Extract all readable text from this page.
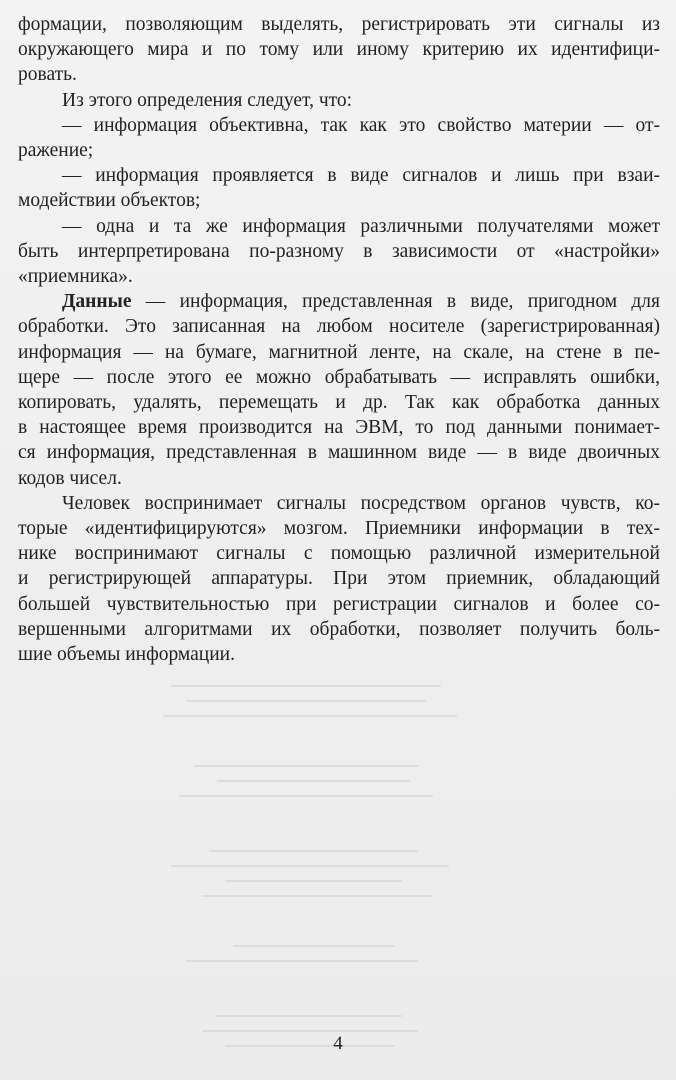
формации, позволяющим выделять, регистрировать эти сигналы из
окружающего мира и по тому или иному критерию их идентифици-
ровать.

Из этого определения следует, что:

— информация объективна, так как это свойство материи — от-
ражение;

— информация проявляется в виде сигналов и лишь при взаи-
модействии объектов;

— одна и та же информация различными получателями может
быть интерпретирована по-разному в зависимости от «настройки»
«приемника».

Данные — информация, представленная в виде, пригодном для
обработки. Это записанная на любом носителе (зарегистрированная)
информация — на бумаге, магнитной ленте, на скале, на стене в пе-
щере — после этого ее можно обрабатывать — исправлять ошибки,
копировать, удалять, перемещать и др. Так как обработка данных
в настоящее время производится на ЭВМ, то под данными понимает-
ся информация, представленная в машинном виде — в виде двоичных
кодов чисел.

Человек воспринимает сигналы посредством органов чувств, ко-
торые «идентифицируются» мозгом. Приемники информации в тех-
нике воспринимают сигналы с помощью различной измерительной
и регистрирующей аппаратуры. При этом приемник, обладающий
большей чувствительностью при регистрации сигналов и более со-
вершенными алгоритмами их обработки, позволяет получить боль-
шие объемы информации.

4
